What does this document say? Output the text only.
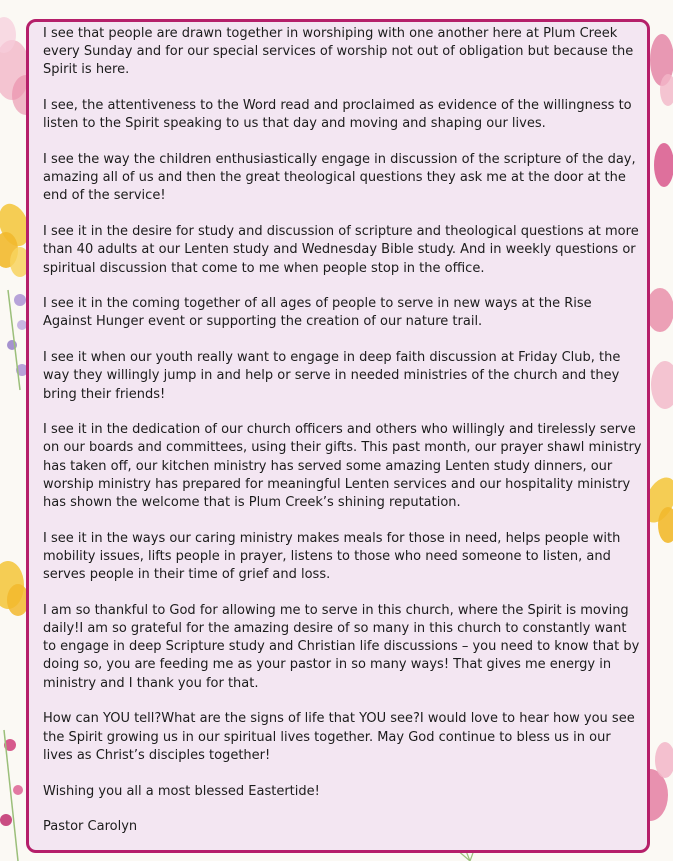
I see that people are drawn together in worshiping with one another here at Plum Creek every Sunday and for our special services of worship not out of obligation but because the Spirit is here.

I see, the attentiveness to the Word read and proclaimed as evidence of the willingness to listen to the Spirit speaking to us that day and moving and shaping our lives.

I see the way the children enthusiastically engage in discussion of the scripture of the day, amazing all of us and then the great theological questions they ask me at the door at the end of the service!

I see it in the desire for study and discussion of scripture and theological questions at more than 40 adults at our Lenten study and Wednesday Bible study. And in weekly questions or spiritual discussion that come to me when people stop in the office.

I see it in the coming together of all ages of people to serve in new ways at the Rise Against Hunger event or supporting the creation of our nature trail.

I see it when our youth really want to engage in deep faith discussion at Friday Club, the way they willingly jump in and help or serve in needed ministries of the church and they bring their friends!

I see it in the dedication of our church officers and others who willingly and tirelessly serve on our boards and committees, using their gifts. This past month, our prayer shawl ministry has taken off, our kitchen ministry has served some amazing Lenten study dinners, our worship ministry has prepared for meaningful Lenten services and our hospitality ministry has shown the welcome that is Plum Creek’s shining reputation.

I see it in the ways our caring ministry makes meals for those in need, helps people with mobility issues, lifts people in prayer, listens to those who need someone to listen, and serves people in their time of grief and loss.

I am so thankful to God for allowing me to serve in this church, where the Spirit is moving daily!I am so grateful for the amazing desire of so many in this church to constantly want to engage in deep Scripture study and Christian life discussions – you need to know that by doing so, you are feeding me as your pastor in so many ways! That gives me energy in ministry and I thank you for that.

How can YOU tell?What are the signs of life that YOU see?I would love to hear how you see the Spirit growing us in our spiritual lives together. May God continue to bless us in our lives as Christ’s disciples together!

Wishing you all a most blessed Eastertide!

Pastor Carolyn
